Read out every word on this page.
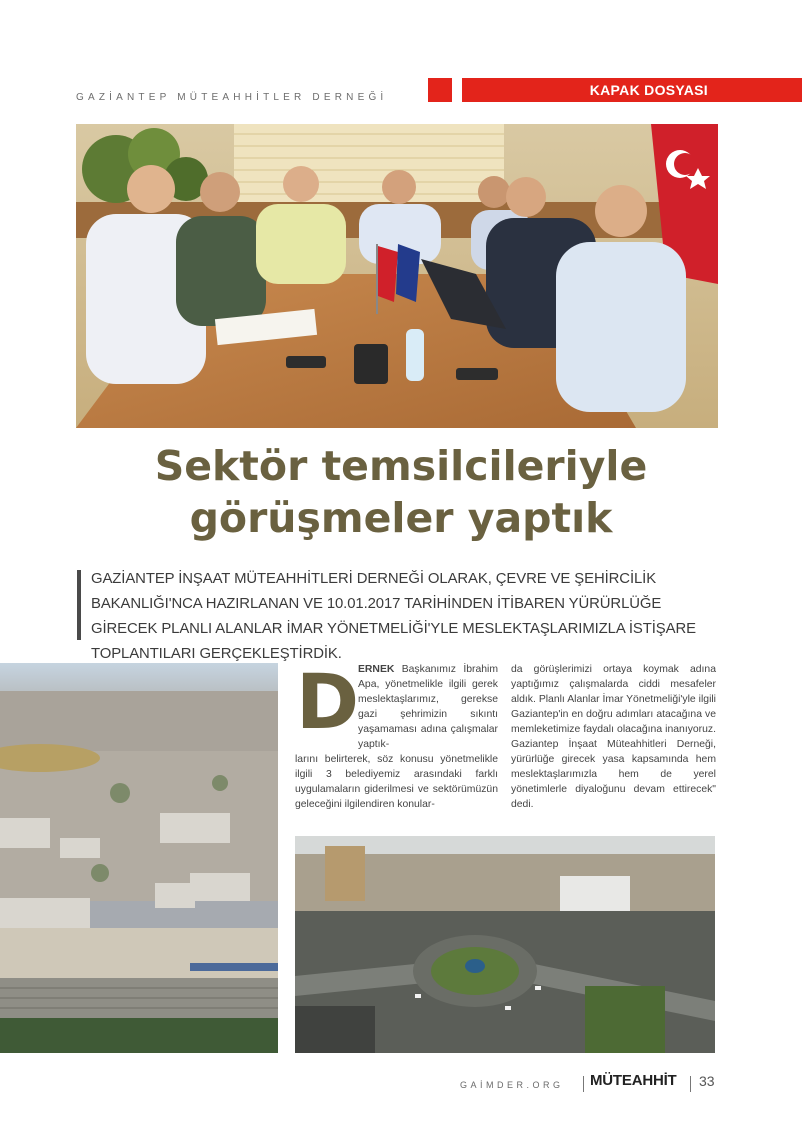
GAZİANTEP MÜTEAHHİTLER DERNEĞİ	KAPAK DOSYASI
Sektör temsilcileriyle
görüşmeler yaptık
GAZİANTEP İNŞAAT MÜTEAHHİTLERİ DERNEĞİ OLARAK, ÇEVRE VE ŞEHİRCİLİK BAKANLIĞI'NCA HAZIRLANAN VE 10.01.2017 TARİHİNDEN İTİBAREN YÜRÜRLÜĞE GİRECEK PLANLI ALANLAR İMAR YÖNETMELİĞİ'YLE MESLEKTAŞLARIMIZLA İSTİŞARE TOPLANTILARI GERÇEKLEŞTİRDİK.
D
ERNEK Başkanımız İbrahim Apa, yönetmelikle ilgili gerek meslektaşlarımız, gerekse gazi şehrimizin sıkıntı yaşamaması adına çalışmalar yaptık-
larını belirterek, söz konusu yönetmelikle ilgili 3 belediyemiz arasındaki farklı uygulamaların giderilmesi ve sektörümüzün geleceğini ilgilendiren konular-
da görüşlerimizi ortaya koymak adına yaptığımız çalışmalarda ciddi mesafeler aldık. Planlı Alanlar İmar Yönetmeliği'yle ilgili Gaziantep'in en doğru adımları atacağına ve memleketimize faydalı olacağına inanıyoruz. Gaziantep İnşaat Müteahhitleri Derneği, yürürlüğe girecek yasa kapsamında hem meslektaşlarımızla hem de yerel yönetimlerle diyaloğunu devam ettirecek" dedi.
GAİMDER.ORG MÜTEAHHİT 33
